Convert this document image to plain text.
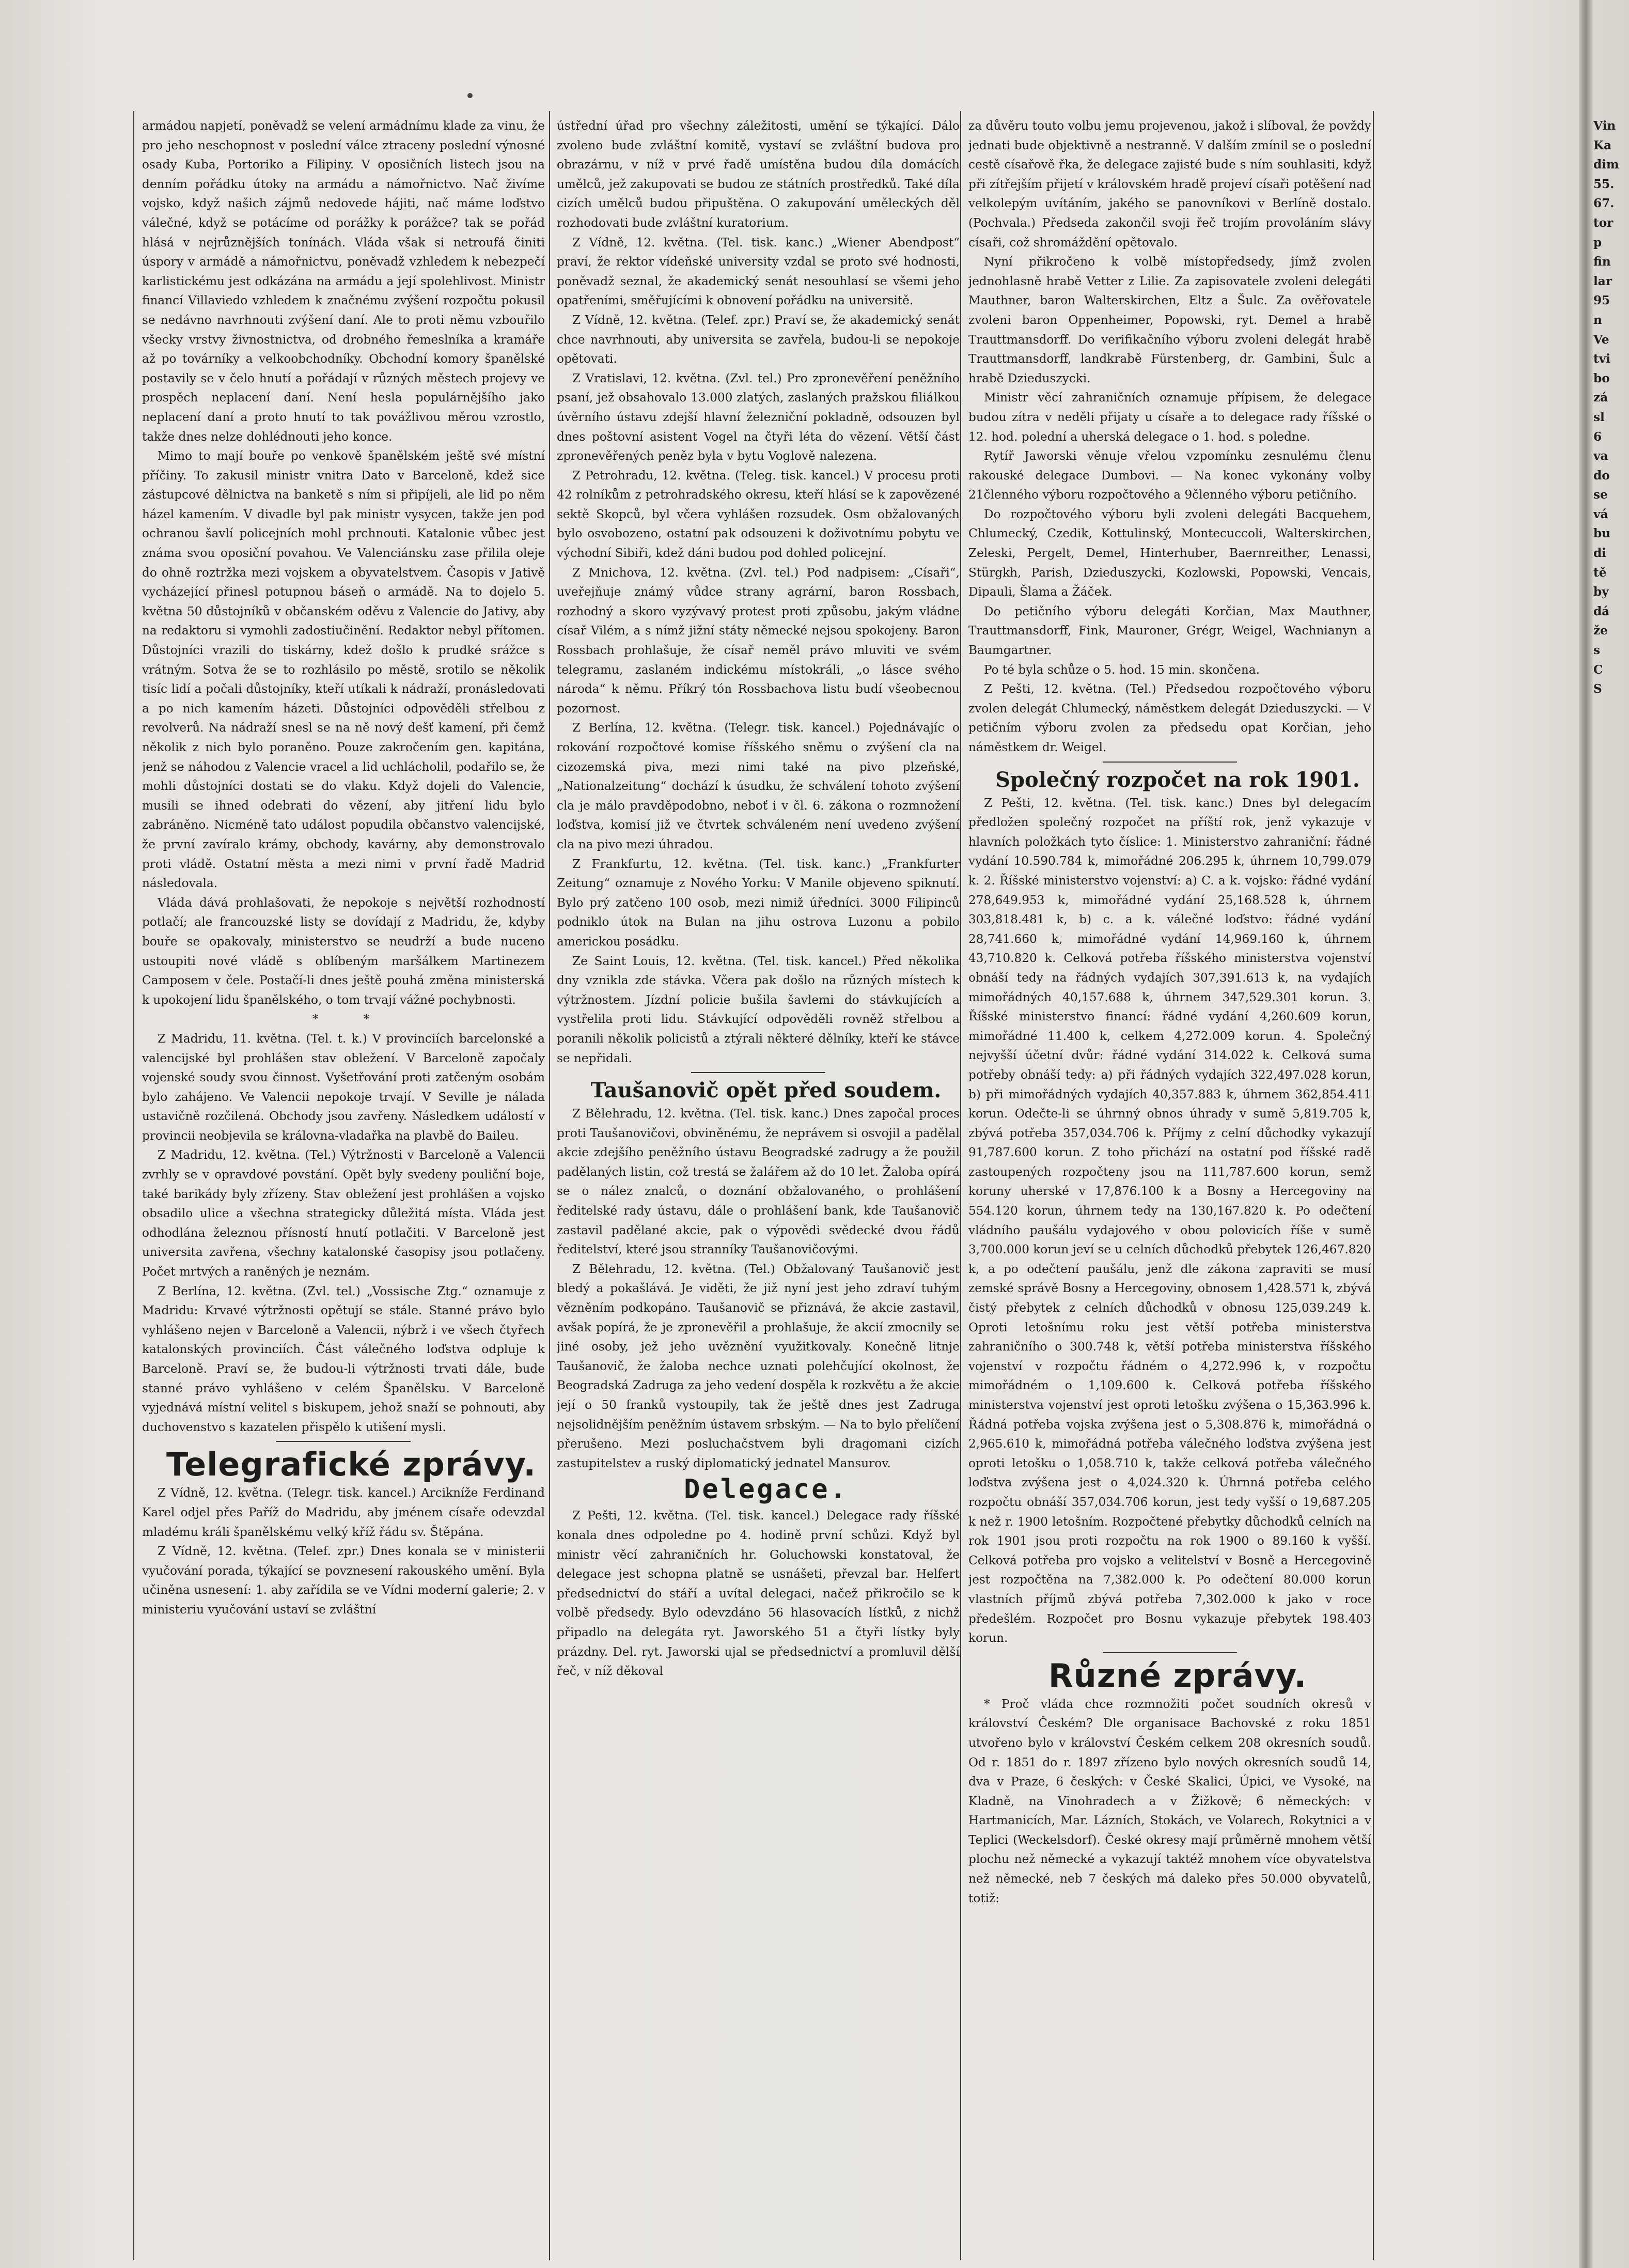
armádou napjetí, poněvadž se velení armádnímu klade za vinu, že pro jeho neschopnost v poslední válce ztraceny poslední výnosné osady Kuba, Portoriko a Filipiny. V oposičních listech jsou na denním pořádku útoky na armádu a námořnictvo. Nač živíme vojsko, když našich zájmů nedovede hájiti, nač máme loďstvo válečné, když se potácíme od porážky k porážce? tak se pořád hlásá v nejrůznějších tonínách. Vláda však si netroufá činiti úspory v armádě a námořnictvu, poněvadž vzhledem k nebezpečí karlistickému jest odkázána na armádu a její spolehlivost. Ministr financí Villaviedo vzhledem k značnému zvýšení rozpočtu pokusil se nedávno navrhnouti zvýšení daní. Ale to proti němu vzbouřilo všecky vrstvy živnostnictva, od drobného řemeslníka a kramáře až po továrníky a velkoobchodníky. Obchodní komory španělské postavily se v čelo hnutí a pořádají v různých městech projevy ve prospěch neplacení daní. Není hesla populárnějšího jako neplacení daní a proto hnutí to tak povážlivou měrou vzrostlo, takže dnes nelze dohlédnouti jeho konce.

Mimo to mají bouře po venkově španělském ještě své místní příčiny. To zakusil ministr vnitra Dato v Barceloně, kdež sice zástupcové dělnictva na banketě s ním si připíjeli, ale lid po něm házel kamením. V divadle byl pak ministr vysycen, takže jen pod ochranou šavlí policejních mohl prchnouti. Katalonie vůbec jest známa svou oposiční povahou. Ve Valenciánsku zase přilila oleje do ohně roztržka mezi vojskem a obyvatelstvem. Časopis v Jativě vycházející přinesl potupnou báseň o armádě. Na to dojelo 5. května 50 důstojníků v občanském oděvu z Valencie do Jativy, aby na redaktoru si vymohli zadostiučinění. Redaktor nebyl přítomen. Důstojníci vrazili do tiskárny, kdež došlo k prudké srážce s vrátným. Sotva že se to rozhlásilo po městě, srotilo se několik tisíc lidí a počali důstojníky, kteří utíkali k nádraží, pronásledovati a po nich kamením házeti. Důstojníci odpověděli střelbou z revolverů. Na nádraží snesl se na ně nový dešť kamení, při čemž několik z nich bylo poraněno. Pouze zakročením gen. kapitána, jenž se náhodou z Valencie vracel a lid uchlácholil, podařilo se, že mohli důstojníci dostati se do vlaku. Když dojeli do Valencie, musili se ihned odebrati do vězení, aby jitření lidu bylo zabráněno. Nicméně tato událost popudila občanstvo valencijské, že první zavíralo krámy, obchody, kavárny, aby demonstrovalo proti vládě. Ostatní města a mezi nimi v první řadě Madrid následovala.

Vláda dává prohlašovati, že nepokoje s největší rozhodností potlačí; ale francouzské listy se dovídají z Madridu, že, kdyby bouře se opakovaly, ministerstvo se neudrží a bude nuceno ustoupiti nové vládě s oblíbeným maršálkem Martinezem Camposem v čele. Postačí-li dnes ještě pouhá změna ministerská k upokojení lidu španělského, o tom trvají vážné pochybnosti.

* *

Z Madridu, 11. května. (Tel. t. k.) V provinciích barcelonské a valencijské byl prohlášen stav obležení. V Barceloně započaly vojenské soudy svou činnost. Vyšetřování proti zatčeným osobám bylo zahájeno. Ve Valencii nepokoje trvají. V Seville je nálada ustavičně rozčilená. Obchody jsou zavřeny. Následkem událostí v provincii neobjevila se královna-vladařka na plavbě do Baileu.

Z Madridu, 12. května. (Tel.) Výtržnosti v Barceloně a Valencii zvrhly se v opravdové povstání. Opět byly svedeny pouliční boje, také barikády byly zřízeny. Stav obležení jest prohlášen a vojsko obsadilo ulice a všechna strategicky důležitá místa. Vláda jest odhodlána železnou přísností hnutí potlačiti. V Barceloně jest universita zavřena, všechny katalonské časopisy jsou potlačeny. Počet mrtvých a raněných je neznám.

Z Berlína, 12. května. (Zvl. tel.) „Vossische Ztg.“ oznamuje z Madridu: Krvavé výtržnosti opětují se stále. Stanné právo bylo vyhlášeno nejen v Barceloně a Valencii, nýbrž i ve všech čtyřech katalonských provinciích. Část válečného loďstva odpluje k Barceloně. Praví se, že budou-li výtržnosti trvati dále, bude stanné právo vyhlášeno v celém Španělsku. V Barceloně vyjednává místní velitel s biskupem, jehož snaží se pohnouti, aby duchovenstvo s kazatelen přispělo k utišení mysli.

Telegrafické zprávy.

Z Vídně, 12. května. (Telegr. tisk. kancel.) Arcikníže Ferdinand Karel odjel přes Paříž do Madridu, aby jménem císaře odevzdal mladému králi španělskému velký kříž řádu sv. Štěpána.

Z Vídně, 12. května. (Telef. zpr.) Dnes konala se v ministerii vyučování porada, týkající se povznesení rakouského umění. Byla učiněna usnesení: 1. aby zařídila se ve Vídni moderní galerie; 2. v ministeriu vyučování ustaví se zvláštní

ústřední úřad pro všechny záležitosti, umění se týkající. Dálo zvoleno bude zvláštní komitě, vystaví se zvláštní budova pro obrazárnu, v níž v prvé řadě umístěna budou díla domácích umělců, jež zakupovati se budou ze státních prostředků. Také díla cizích umělců budou připuštěna. O zakupování uměleckých děl rozhodovati bude zvláštní kuratorium.

Z Vídně, 12. května. (Tel. tisk. kanc.) „Wiener Abendpost“ praví, že rektor vídeňské university vzdal se proto své hodnosti, poněvadž seznal, že akademický senát nesouhlasí se všemi jeho opatřeními, směřujícími k obnovení pořádku na universitě.

Z Vídně, 12. května. (Telef. zpr.) Praví se, že akademický senát chce navrhnouti, aby universita se zavřela, budou-li se nepokoje opětovati.

Z Vratislavi, 12. května. (Zvl. tel.) Pro zpronevěření peněžního psaní, jež obsahovalo 13.000 zlatých, zaslaných pražskou filiálkou úvěrního ústavu zdejší hlavní železniční pokladně, odsouzen byl dnes poštovní asistent Vogel na čtyři léta do vězení. Větší část zpronevěřených peněz byla v bytu Voglově nalezena.

Z Petrohradu, 12. května. (Teleg. tisk. kancel.) V procesu proti 42 rolníkům z petrohradského okresu, kteří hlásí se k zapovězené sektě Skopců, byl včera vyhlášen rozsudek. Osm obžalovaných bylo osvobozeno, ostatní pak odsouzeni k doživotnímu pobytu ve východní Sibiři, kdež dáni budou pod dohled policejní.

Z Mnichova, 12. května. (Zvl. tel.) Pod nadpisem: „Císaři“, uveřejňuje známý vůdce strany agrární, baron Rossbach, rozhodný a skoro vyzývavý protest proti způsobu, jakým vládne císař Vilém, a s nímž jižní státy německé nejsou spokojeny. Baron Rossbach prohlašuje, že císař neměl právo mluviti ve svém telegramu, zaslaném indickému místokráli, „o lásce svého národa“ k němu. Příkrý tón Rossbachova listu budí všeobecnou pozornost.

Z Berlína, 12. května. (Telegr. tisk. kancel.) Pojednávajíc o rokování rozpočtové komise říšského sněmu o zvýšení cla na cizozemská piva, mezi nimi také na pivo plzeňské, „Nationalzeitung“ dochází k úsudku, že schválení tohoto zvýšení cla je málo pravděpodobno, neboť i v čl. 6. zákona o rozmnožení loďstva, komisí již ve čtvrtek schváleném není uvedeno zvýšení cla na pivo mezi úhradou.

Z Frankfurtu, 12. května. (Tel. tisk. kanc.) „Frankfurter Zeitung“ oznamuje z Nového Yorku: V Manile objeveno spiknutí. Bylo prý zatčeno 100 osob, mezi nimiž úředníci. 3000 Filipinců podniklo útok na Bulan na jihu ostrova Luzonu a pobilo americkou posádku.

Ze Saint Louis, 12. května. (Tel. tisk. kancel.) Před několika dny vznikla zde stávka. Včera pak došlo na různých místech k výtržnostem. Jízdní policie bušila šavlemi do stávkujících a vystřelila proti lidu. Stávkující odpověděli rovněž střelbou a poranili několik policistů a ztýrali některé dělníky, kteří ke stávce se nepřidali.

Taušanovič opět před soudem.

Z Bělehradu, 12. května. (Tel. tisk. kanc.) Dnes započal proces proti Taušanovičovi, obviněnému, že neprávem si osvojil a padělal akcie zdejšího peněžního ústavu Beogradské zadrugy a že použil padělaných listin, což trestá se žalářem až do 10 let. Žaloba opírá se o nález znalců, o doznání obžalovaného, o prohlášení ředitelské rady ústavu, dále o prohlášení bank, kde Taušanovič zastavil padělané akcie, pak o výpovědi svědecké dvou řádů ředitelství, které jsou stranníky Taušanovičovými.

Z Bělehradu, 12. května. (Tel.) Obžalovaný Taušanovič jest bledý a pokašlává. Je viděti, že již nyní jest jeho zdraví tuhým vězněním podkopáno. Taušanovič se přiznává, že akcie zastavil, avšak popírá, že je zpronevěřil a prohlašuje, že akcií zmocnily se jiné osoby, jež jeho uvěznění využitkovaly. Konečně litnje Taušanovič, že žaloba nechce uznati polehčující okolnost, že Beogradská Zadruga za jeho vedení dospěla k rozkvětu a že akcie její o 50 franků vystoupily, tak že ještě dnes jest Zadruga nejsolidnějším peněžním ústavem srbským. — Na to bylo přelíčení přerušeno. Mezi posluchačstvem byli dragomani cizích zastupitelstev a ruský diplomatický jednatel Mansurov.

Delegace.

Z Pešti, 12. května. (Tel. tisk. kancel.) Delegace rady říšské konala dnes odpoledne po 4. hodině první schůzi. Když byl ministr věcí zahraničních hr. Goluchowski konstatoval, že delegace jest schopna platně se usnášeti, převzal bar. Helfert předsednictví do stáří a uvítal delegaci, načež přikročilo se k volbě předsedy. Bylo odevzdáno 56 hlasovacích lístků, z nichž připadlo na delegáta ryt. Jaworského 51 a čtyři lístky byly prázdny. Del. ryt. Jaworski ujal se předsednictví a promluvil dělší řeč, v níž děkoval

za důvěru touto volbu jemu projevenou, jakož i slíboval, že povždy jednati bude objektivně a nestranně. V dalším zmínil se o poslední cestě císařově řka, že delegace zajisté bude s ním souhlasiti, když při zítřejším přijetí v královském hradě projeví císaři potěšení nad velkolepým uvítáním, jakého se panovníkovi v Berlíně dostalo. (Pochvala.) Předseda zakončil svoji řeč trojím provoláním slávy císaři, což shromáždění opětovalo.

Nyní přikročeno k volbě místopředsedy, jímž zvolen jednohlasně hrabě Vetter z Lilie. Za zapisovatele zvoleni delegáti Mauthner, baron Walterskirchen, Eltz a Šulc. Za ověřovatele zvoleni baron Oppenheimer, Popowski, ryt. Demel a hrabě Trauttmansdorff. Do verifikačního výboru zvoleni delegát hrabě Trauttmansdorff, landkrabě Fürstenberg, dr. Gambini, Šulc a hrabě Dzieduszycki.

Ministr věcí zahraničních oznamuje přípisem, že delegace budou zítra v neděli přijaty u císaře a to delegace rady říšské o 12. hod. polední a uherská delegace o 1. hod. s poledne.

Rytíř Jaworski věnuje vřelou vzpomínku zesnulému členu rakouské delegace Dumbovi. — Na konec vykonány volby 21členného výboru rozpočtového a 9členného výboru petičního.

Do rozpočtového výboru byli zvoleni delegáti Bacquehem, Chlumecký, Czedik, Kottulinský, Montecuccoli, Walterskirchen, Zeleski, Pergelt, Demel, Hinterhuber, Baernreither, Lenassi, Stürgkh, Parish, Dzieduszycki, Kozlowski, Popowski, Vencais, Dipauli, Šlama a Žáček.

Do petičního výboru delegáti Korčian, Max Mauthner, Trauttmansdorff, Fink, Mauroner, Grégr, Weigel, Wachnianyn a Baumgartner.

Po té byla schůze o 5. hod. 15 min. skončena.

Z Pešti, 12. května. (Tel.) Předsedou rozpočtového výboru zvolen delegát Chlumecký, náměstkem delegát Dzieduszycki. — V petičním výboru zvolen za předsedu opat Korčian, jeho náměstkem dr. Weigel.

Společný rozpočet na rok 1901.

Z Pešti, 12. května. (Tel. tisk. kanc.) Dnes byl delegacím předložen společný rozpočet na příští rok, jenž vykazuje v hlavních položkách tyto číslice: 1. Ministerstvo zahraniční: řádné vydání 10.590.784 k, mimořádné 206.295 k, úhrnem 10,799.079 k. 2. Říšské ministerstvo vojenství: a) C. a k. vojsko: řádné vydání 278,649.953 k, mimořádné vydání 25,168.528 k, úhrnem 303,818.481 k, b) c. a k. válečné loďstvo: řádné vydání 28,741.660 k, mimořádné vydání 14,969.160 k, úhrnem 43,710.820 k. Celková potřeba říšského ministerstva vojenství obnáší tedy na řádných vydajích 307,391.613 k, na vydajích mimořádných 40,157.688 k, úhrnem 347,529.301 korun. 3. Říšské ministerstvo financí: řádné vydání 4,260.609 korun, mimořádné 11.400 k, celkem 4,272.009 korun. 4. Společný nejvyšší účetní dvůr: řádné vydání 314.022 k. Celková suma potřeby obnáší tedy: a) při řádných vydajích 322,497.028 korun, b) při mimořádných vydajích 40,357.883 k, úhrnem 362,854.411 korun. Odečte-li se úhrnný obnos úhrady v sumě 5,819.705 k, zbývá potřeba 357,034.706 k. Příjmy z celní důchodky vykazují 91,787.600 korun. Z toho přichází na ostatní pod říšské radě zastoupených rozpočteny jsou na 111,787.600 korun, semž koruny uherské v 17,876.100 k a Bosny a Hercegoviny na 554.120 korun, úhrnem tedy na 130,167.820 k. Po odečtení vládního paušálu vydajového v obou polovicích říše v sumě 3,700.000 korun jeví se u celních důchodků přebytek 126,467.820 k, a po odečtení paušálu, jenž dle zákona zapraviti se musí zemské správě Bosny a Hercegoviny, obnosem 1,428.571 k, zbývá čistý přebytek z celních důchodků v obnosu 125,039.249 k. Oproti letošnímu roku jest větší potřeba ministerstva zahraničního o 300.748 k, větší potřeba ministerstva říšského vojenství v rozpočtu řádném o 4,272.996 k, v rozpočtu mimořádném o 1,109.600 k. Celková potřeba říšského ministerstva vojenství jest oproti letošku zvýšena o 15,363.996 k. Řádná potřeba vojska zvýšena jest o 5,308.876 k, mimořádná o 2,965.610 k, mimořádná potřeba válečného loďstva zvýšena jest oproti letošku o 1,058.710 k, takže celková potřeba válečného loďstva zvýšena jest o 4,024.320 k. Úhrnná potřeba celého rozpočtu obnáší 357,034.706 korun, jest tedy vyšší o 19,687.205 k než r. 1900 letošním. Rozpočtené přebytky důchodků celních na rok 1901 jsou proti rozpočtu na rok 1900 o 89.160 k vyšší. Celková potřeba pro vojsko a velitelství v Bosně a Hercegovině jest rozpočtěna na 7,382.000 k. Po odečtení 80.000 korun vlastních příjmů zbývá potřeba 7,302.000 k jako v roce předešlém. Rozpočet pro Bosnu vykazuje přebytek 198.403 korun.

Různé zprávy.

* Proč vláda chce rozmnožiti počet soudních okresů v království Českém? Dle organisace Bachovské z roku 1851 utvořeno bylo v království Českém celkem 208 okresních soudů. Od r. 1851 do r. 1897 zřízeno bylo nových okresních soudů 14, dva v Praze, 6 českých: v České Skalici, Úpici, ve Vysoké, na Kladně, na Vinohradech a v Žižkově; 6 německých: v Hartmanicích, Mar. Lázních, Stokách, ve Volarech, Rokytnici a v Teplici (Weckelsdorf). České okresy mají průměrně mnohem větší plochu než německé a vykazují taktéž mnohem více obyvatelstva než německé, neb 7 českých má daleko přes 50.000 obyvatelů, totiž:

Vin
Ka
dim
55.
67.
tor
p
fin
lar
95
n
Ve
tvi
bo
zá
sl
6
va
do
se
vá
bu
di
tě
by
dá
že
s
C
S
